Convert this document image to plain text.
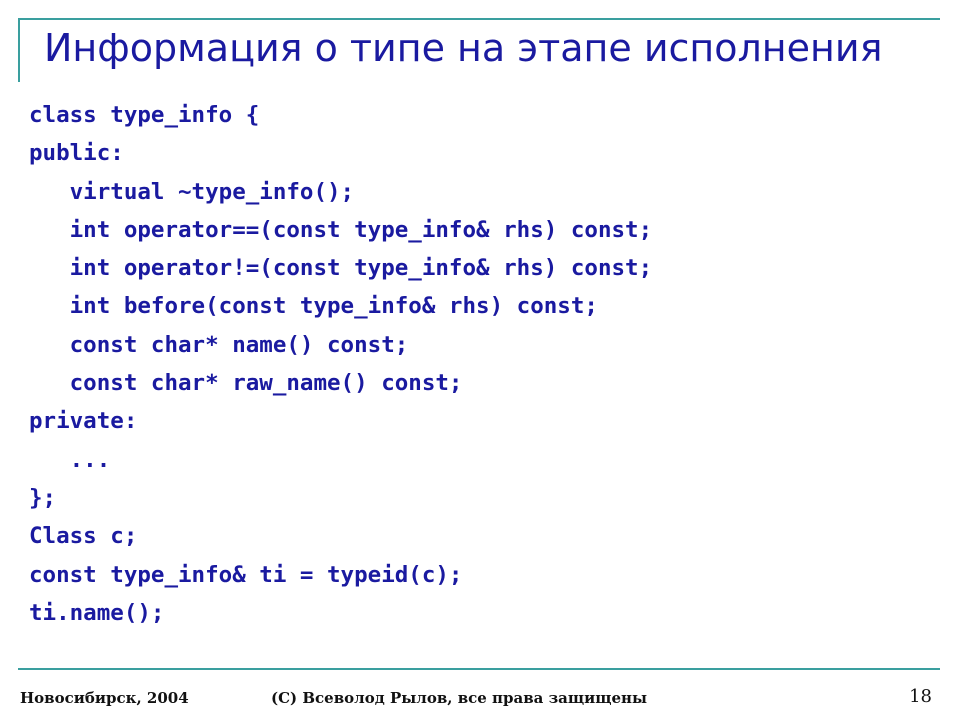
Информация о типе на этапе исполнения
class type_info {
public:
virtual ~type_info();
int operator==(const type_info& rhs) const;
int operator!=(const type_info& rhs) const;
int before(const type_info& rhs) const;
const char* name() const;
const char* raw_name() const;
private:
...
};
Class c;
const type_info& ti = typeid(c);
ti.name();
Новосибирск, 2004	(C) Всеволод Рылов, все права защищены	18
